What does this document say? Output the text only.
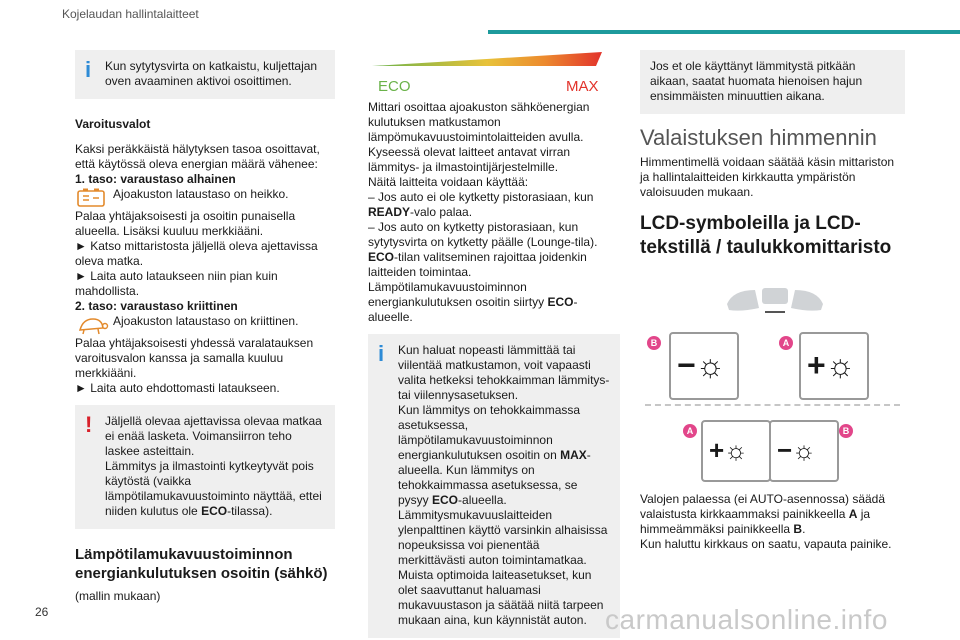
Kojelaudan hallintalaitteet
i Kun sytytysvirta on katkaistu, kuljettajan oven avaaminen aktivoi osoittimen.

Varoitusvalot

Kaksi peräkkäistä hälytyksen tasoa osoittavat, että käytössä oleva energian määrä vähenee:

1. taso: varaustaso alhainen

Ajoakuston lataustaso on heikko.

Palaa yhtäjaksoisesti ja osoitin punaisella alueella. Lisäksi kuuluu merkkiääni.

► Katso mittaristosta jäljellä oleva ajettavissa oleva matka.

► Laita auto latаukseen niin pian kuin mahdollista.

2. taso: varaustaso kriittinen

Ajoakuston lataustaso on kriittinen.

Palaa yhtäjaksoisesti yhdessä varalatauksen varoitusvalon kanssa ja samalla kuuluu merkkiääni.

► Laita auto ehdottomasti lataukseen.

! Jäljellä olevaa ajettavissa olevaa matkaa ei enää lasketa. Voimansiirron teho laskee asteittain.

Lämmitys ja ilmastointi kytkeytyvät pois käytöstä (vaikka lämpötilamukavuustoiminto näyttää, ettei niiden kulutus ole ECO-tilassa).

Lämpötilamukavuustoiminnon energiankulutuksen osoitin (sähkö)

(mallin mukaan)

ECO	MAX

Mittari osoittaa ajoakuston sähköenergian kulutuksen matkustamon lämpömukavuustoimintolaitteiden avulla.

Kyseessä olevat laitteet antavat virran lämmitys- ja ilmastointijärjestelmille.

Näitä laitteita voidaan käyttää:

– Jos auto ei ole kytketty pistorasiaan, kun READY-valo palaa.

– Jos auto on kytketty pistorasiaan, kun sytytysvirta on kytketty päälle (Lounge-tila).

ECO-tilan valitseminen rajoittaa joidenkin laitteiden toimintaa.

Lämpötilamukavuustoiminnon energiankulutuksen osoitin siirtyy ECO-alueelle.

i Kun haluat nopeasti lämmittää tai viilentää matkustamon, voit vapaasti valita hetkeksi tehokkaimman lämmitys- tai viilennysasetuksen.

Kun lämmitys on tehokkaimmassa asetuksessa, lämpötilamukavuustoiminnon energiankulutuksen osoitin on MAX-alueella. Kun lämmitys on tehokkaimmassa asetuksessa, se pysyy ECO-alueella.

Lämmitysmukavuuslaitteiden ylenpalttinen käyttö varsinkin alhaisissa nopeuksissa voi pienentää merkittävästi auton toimintamatkaa.

Muista optimoida laiteasetukset, kun olet saavuttanut haluamasi mukavuustason ja säätää niitä tarpeen mukaan aina, kun käynnistät auton.

Jos et ole käyttänyt lämmitystä pitkään aikaan, saatat huomata hienoisen hajun ensimmäisten minuuttien aikana.

Valaistuksen himmennin

Himmentimellä voidaan säätää käsin mittariston ja hallintalaitteiden kirkkautta ympäristön valoisuuden mukaan.

LCD-symboleilla ja LCD-tekstillä / taulukkomittaristo

−☼	+☼
B	A
+☼ −☼
A	B

Valojen palaessa (ei AUTO-asennossa) säädä valaistusta kirkkaammaksi painikkeella A ja himmeämmäksi painikkeella B.

Kun haluttu kirkkaus on saatu, vapauta painike.

26	carmanualsonline.info
